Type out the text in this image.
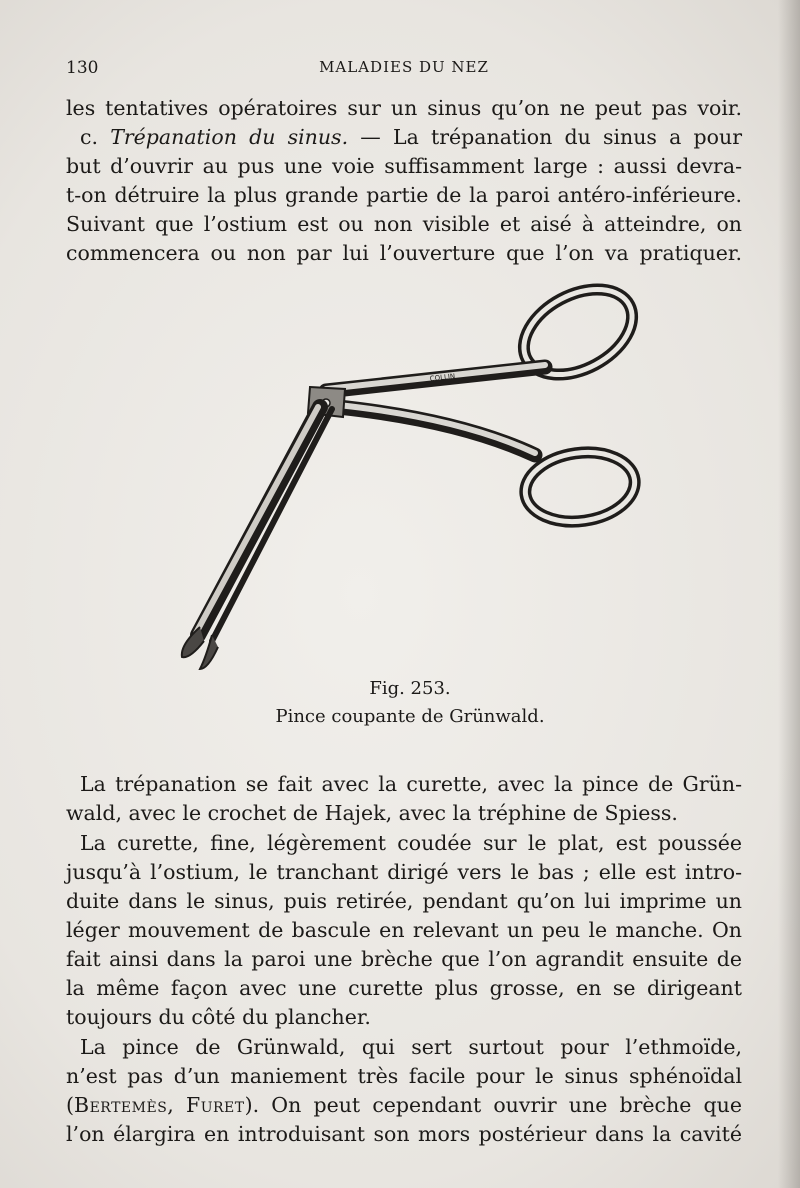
130	MALADIES DU NEZ
les tentatives opératoires sur un sinus qu’on ne peut pas voir.
c. Trépanation du sinus. — La trépanation du sinus a pour
but d’ouvrir au pus une voie suffisamment large : aussi devra-
t-on détruire la plus grande partie de la paroi antéro-inférieure.
Suivant que l’ostium est ou non visible et aisé à atteindre, on
commencera ou non par lui l’ouverture que l’on va pratiquer.
COLLIN
Fig. 253.
Pince coupante de Grünwald.
La trépanation se fait avec la curette, avec la pince de Grün-
wald, avec le crochet de Hajek, avec la tréphine de Spiess.
La curette, fine, légèrement coudée sur le plat, est poussée
jusqu’à l’ostium, le tranchant dirigé vers le bas ; elle est intro-
duite dans le sinus, puis retirée, pendant qu’on lui imprime un
léger mouvement de bascule en relevant un peu le manche. On
fait ainsi dans la paroi une brèche que l’on agrandit ensuite de
la même façon avec une curette plus grosse, en se dirigeant
toujours du côté du plancher.
La pince de Grünwald, qui sert surtout pour l’ethmoïde,
n’est pas d’un maniement très facile pour le sinus sphénoïdal
(Bertemès, Furet). On peut cependant ouvrir une brèche que
l’on élargira en introduisant son mors postérieur dans la cavité
